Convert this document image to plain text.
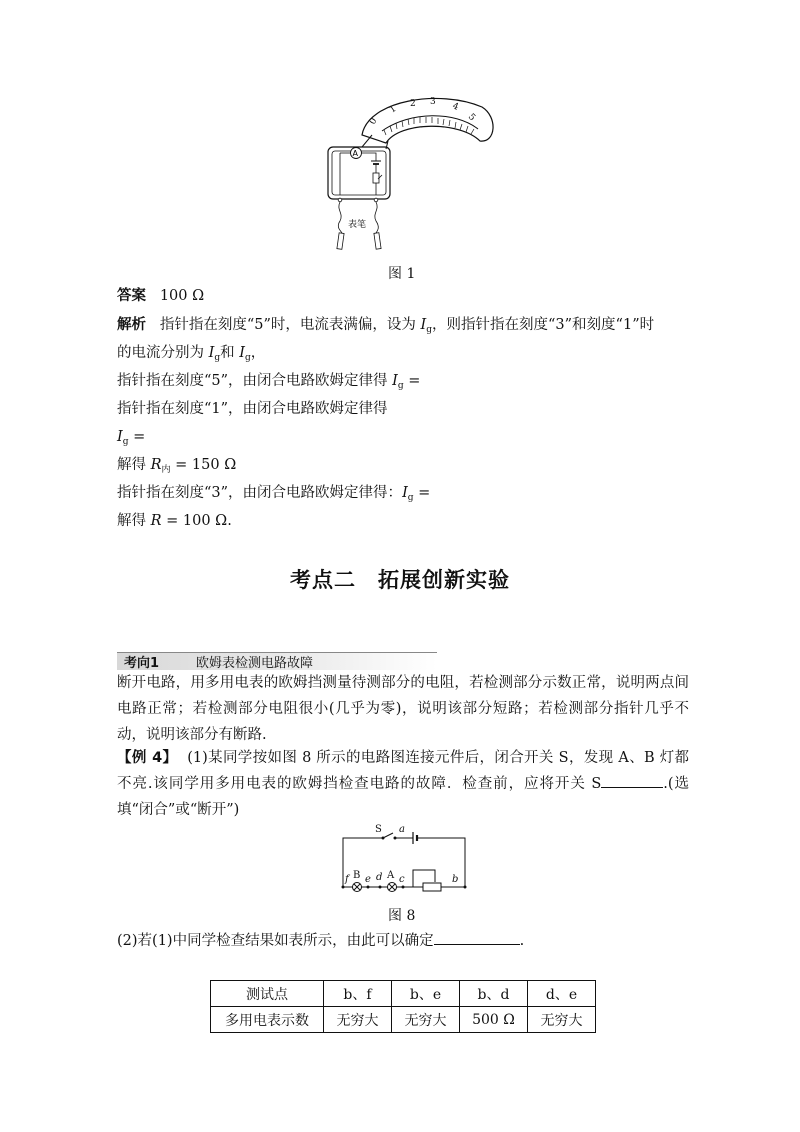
0
1 2 3 4
5
A
表笔
图 1
答案 100 Ω
解析 指针指在刻度“5”时，电流表满偏，设为 $I_g$，则指针指在刻度“3”和刻度“1”时
的电流分别为 $I_g$和 $I_g$，
指针指在刻度“5”，由闭合电路欧姆定律得 $I_g$ =
指针指在刻度“1”，由闭合电路欧姆定律得
$I_g$ =
解得 $R_内 = 150$ Ω
指针指在刻度“3”，由闭合电路欧姆定律得：$I_g$ =
解得 R = 100 Ω.
考点二　拓展创新实验
考向1	欧姆表检测电路故障
断开电路，用多用电表的欧姆挡测量待测部分的电阻，若检测部分示数正常，说明两点间电路正常；若检测部分电阻很小(几乎为零)，说明该部分短路；若检测部分指针几乎不动，说明该部分有断路.
【例 4】 (1)某同学按如图 8 所示的电路图连接元件后，闭合开关 S，发现 A、B 灯都不亮.该同学用多用电表的欧姆挡检查电路的故障．检查前，应将开关 S	.(选填“闭合”或“断开”)
S a
f B e d A c	b
图 8
(2)若(1)中同学检查结果如表所示，由此可以确定	.
测试点	b、f	b、e	b、d	d、e
多用电表示数	无穷大	无穷大	500 Ω	无穷大
